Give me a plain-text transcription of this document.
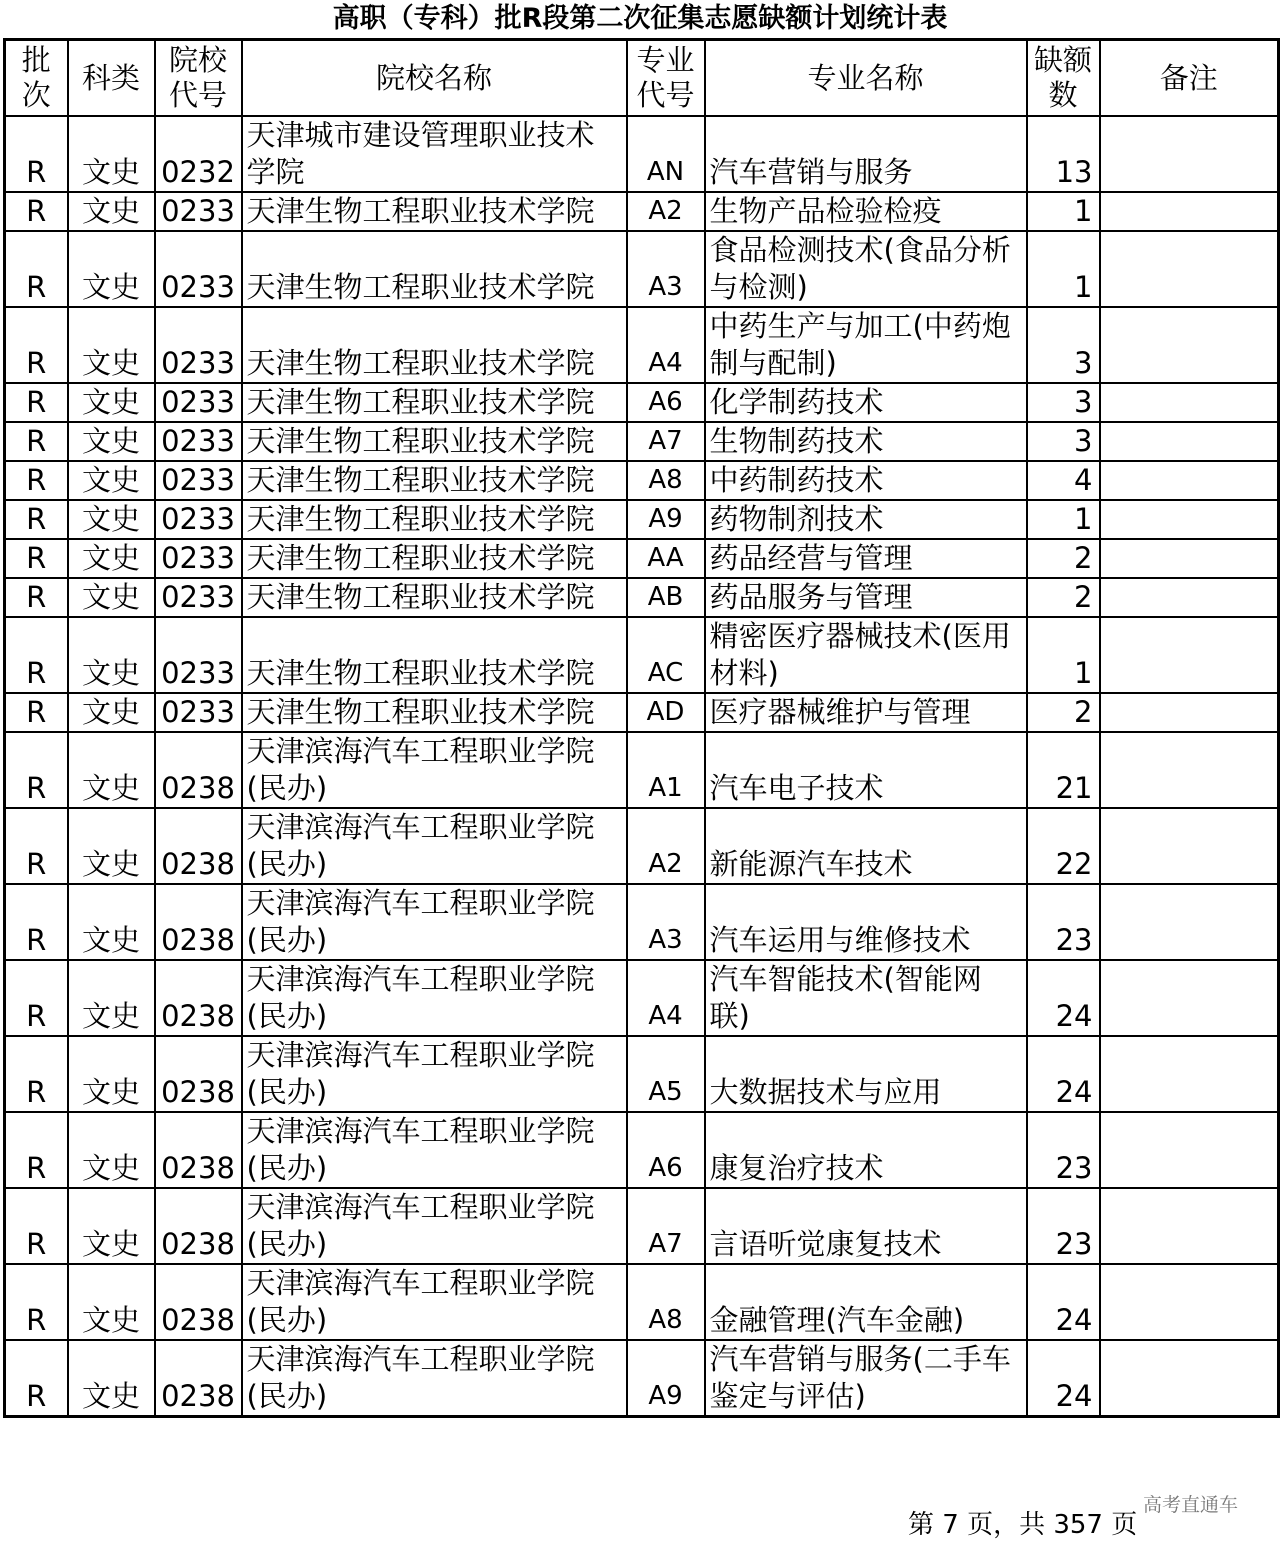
高职（专科）批R段第二次征集志愿缺额计划统计表
批次	科类	院校代号	院校名称	专业代号	专业名称	缺额数	备注
R	文史	0232	天津城市建设管理职业技术学院	AN	汽车营销与服务	13	
R	文史	0233	天津生物工程职业技术学院	A2	生物产品检验检疫	1	
R	文史	0233	天津生物工程职业技术学院	A3	食品检测技术(食品分析与检测)	1	
R	文史	0233	天津生物工程职业技术学院	A4	中药生产与加工(中药炮制与配制)	3	
R	文史	0233	天津生物工程职业技术学院	A6	化学制药技术	3	
R	文史	0233	天津生物工程职业技术学院	A7	生物制药技术	3	
R	文史	0233	天津生物工程职业技术学院	A8	中药制药技术	4	
R	文史	0233	天津生物工程职业技术学院	A9	药物制剂技术	1	
R	文史	0233	天津生物工程职业技术学院	AA	药品经营与管理	2	
R	文史	0233	天津生物工程职业技术学院	AB	药品服务与管理	2	
R	文史	0233	天津生物工程职业技术学院	AC	精密医疗器械技术(医用材料)	1	
R	文史	0233	天津生物工程职业技术学院	AD	医疗器械维护与管理	2	
R	文史	0238	天津滨海汽车工程职业学院(民办)	A1	汽车电子技术	21	
R	文史	0238	天津滨海汽车工程职业学院(民办)	A2	新能源汽车技术	22	
R	文史	0238	天津滨海汽车工程职业学院(民办)	A3	汽车运用与维修技术	23	
R	文史	0238	天津滨海汽车工程职业学院(民办)	A4	汽车智能技术(智能网联)	24	
R	文史	0238	天津滨海汽车工程职业学院(民办)	A5	大数据技术与应用	24	
R	文史	0238	天津滨海汽车工程职业学院(民办)	A6	康复治疗技术	23	
R	文史	0238	天津滨海汽车工程职业学院(民办)	A7	言语听觉康复技术	23	
R	文史	0238	天津滨海汽车工程职业学院(民办)	A8	金融管理(汽车金融)	24	
R	文史	0238	天津滨海汽车工程职业学院(民办)	A9	汽车营销与服务(二手车鉴定与评估)	24	
高考直通车
第 7 页，共 357 页
